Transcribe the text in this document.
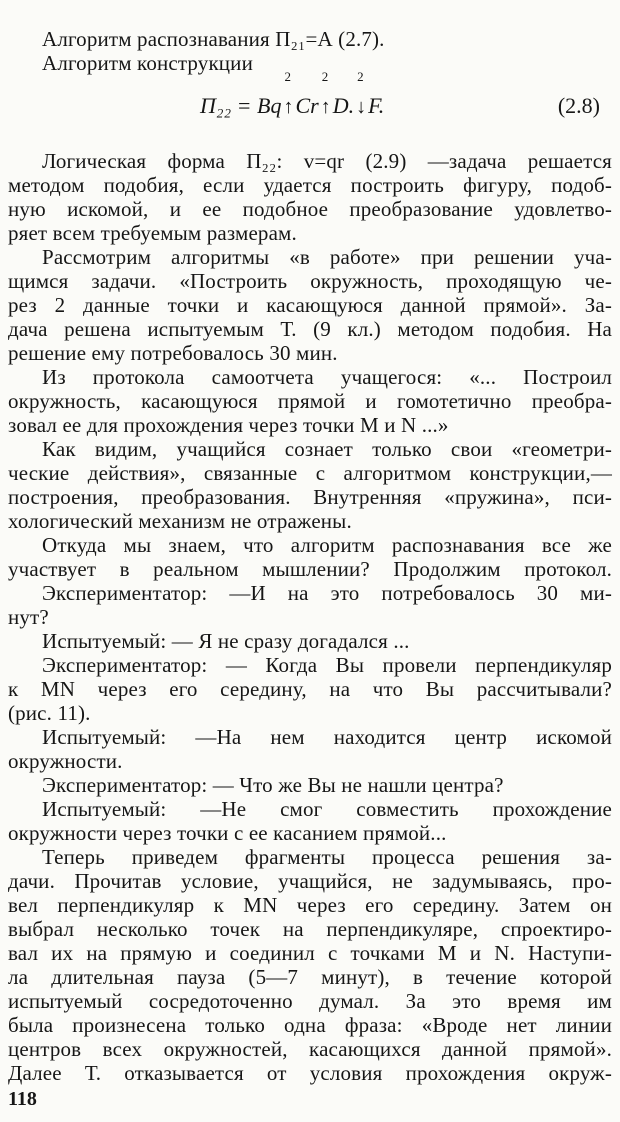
Алгоритм распознавания П₂₁=А (2.7).
Алгоритм конструкции
П₂₂ = Bq
2
↑Cr
2
↑D.
2
↓F.	(2.8)
Логическая форма П₂₂: v=qr (2.9) —задача решается
методом подобия, если удается построить фигуру, подоб-
ную искомой, и ее подобное преобразование удовлетво-
ряет всем требуемым размерам.
Рассмотрим алгоритмы «в работе» при решении уча-
щимся задачи. «Построить окружность, проходящую че-
рез 2 данные точки и касающуюся данной прямой». За-
дача решена испытуемым Т. (9 кл.) методом подобия. На
решение ему потребовалось 30 мин.
Из протокола самоотчета учащегося: «... Построил
окружность, касающуюся прямой и гомотетично преобра-
зовал ее для прохождения через точки M и N ...»
Как видим, учащийся сознает только свои «геометри-
ческие действия», связанные с алгоритмом конструкции,—
построения, преобразования. Внутренняя «пружина», пси-
хологический механизм не отражены.
Откуда мы знаем, что алгоритм распознавания все же
участвует в реальном мышлении? Продолжим протокол.
Экспериментатор: —И на это потребовалось 30 ми-
нут?
Испытуемый: — Я не сразу догадался ...
Экспериментатор: — Когда Вы провели перпендикуляр
к MN через его середину, на что Вы рассчитывали?
(рис. 11).
Испытуемый: —На нем находится центр искомой
окружности.
Экспериментатор: — Что же Вы не нашли центра?
Испытуемый: —Не смог совместить прохождение
окружности через точки с ее касанием прямой...
Теперь приведем фрагменты процесса решения за-
дачи. Прочитав условие, учащийся, не задумываясь, про-
вел перпендикуляр к MN через его середину. Затем он
выбрал несколько точек на перпендикуляре, спроектиро-
вал их на прямую и соединил с точками M и N. Наступи-
ла длительная пауза (5—7 минут), в течение которой
испытуемый сосредоточенно думал. За это время им
была произнесена только одна фраза: «Вроде нет линии
центров всех окружностей, касающихся данной прямой».
Далее Т. отказывается от условия прохождения окруж-
118
